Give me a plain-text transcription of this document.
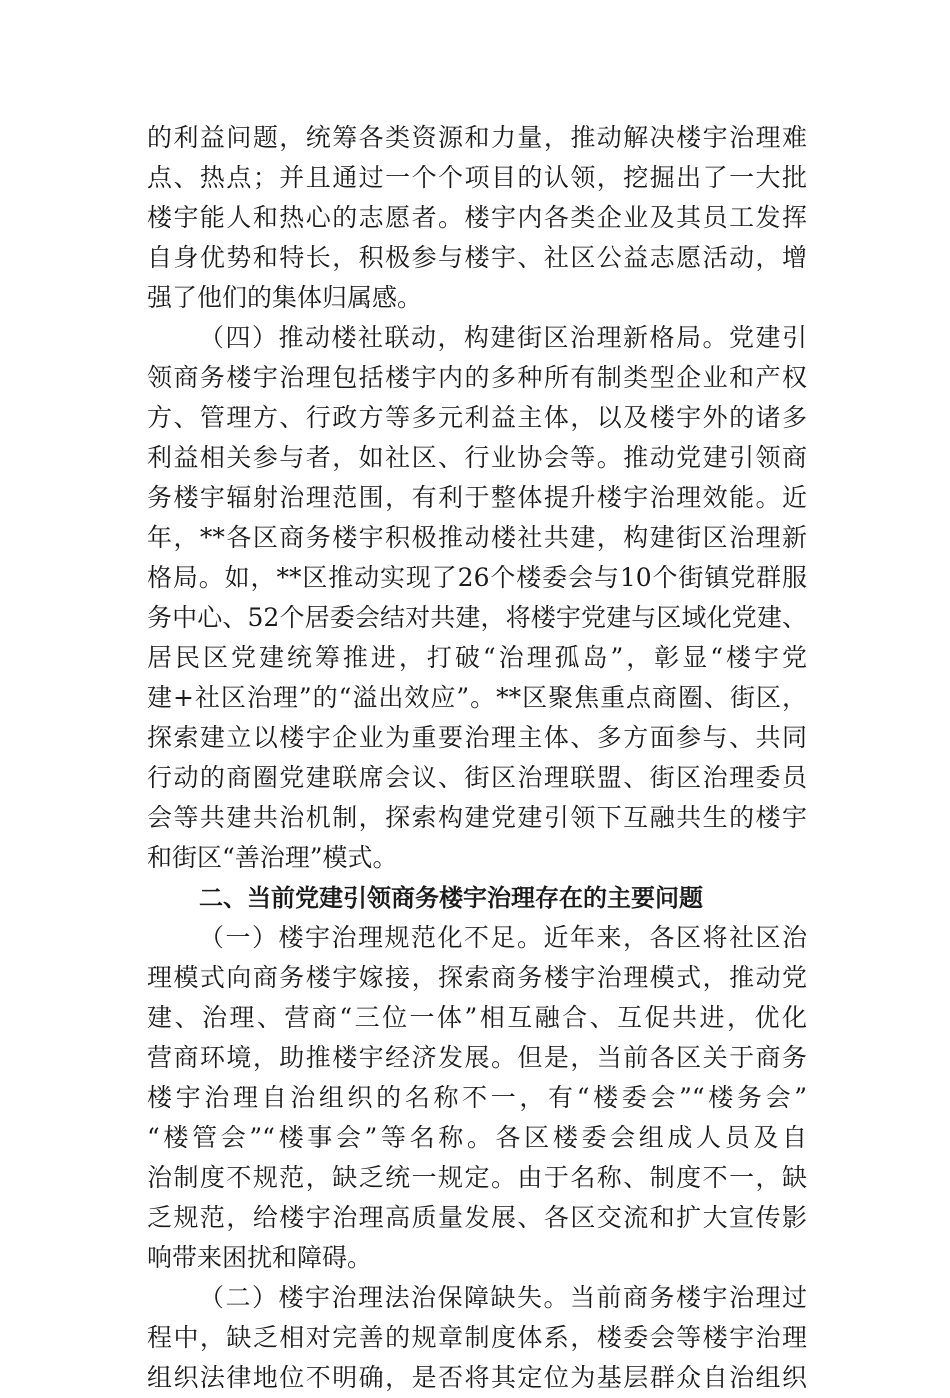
的利益问题，统筹各类资源和力量，推动解决楼宇治理难
点、热点；并且通过一个个项目的认领，挖掘出了一大批
楼宇能人和热心的志愿者。楼宇内各类企业及其员工发挥
自身优势和特长，积极参与楼宇、社区公益志愿活动，增
强了他们的集体归属感。
（四）推动楼社联动，构建街区治理新格局。党建引
领商务楼宇治理包括楼宇内的多种所有制类型企业和产权
方、管理方、行政方等多元利益主体，以及楼宇外的诸多
利益相关参与者，如社区、行业协会等。推动党建引领商
务楼宇辐射治理范围，有利于整体提升楼宇治理效能。近
年，**各区商务楼宇积极推动楼社共建，构建街区治理新
格局。如，**区推动实现了26个楼委会与10个街镇党群服
务中心、52个居委会结对共建，将楼宇党建与区域化党建、
居民区党建统筹推进，打破“治理孤岛”，彰显“楼宇党
建+社区治理”的“溢出效应”。**区聚焦重点商圈、街区，
探索建立以楼宇企业为重要治理主体、多方面参与、共同
行动的商圈党建联席会议、街区治理联盟、街区治理委员
会等共建共治机制，探索构建党建引领下互融共生的楼宇
和街区“善治理”模式。
二、当前党建引领商务楼宇治理存在的主要问题
（一）楼宇治理规范化不足。近年来，各区将社区治
理模式向商务楼宇嫁接，探索商务楼宇治理模式，推动党
建、治理、营商“三位一体”相互融合、互促共进，优化
营商环境，助推楼宇经济发展。但是，当前各区关于商务
楼宇治理自治组织的名称不一，有“楼委会”“楼务会”
“楼管会”“楼事会”等名称。各区楼委会组成人员及自
治制度不规范，缺乏统一规定。由于名称、制度不一，缺
乏规范，给楼宇治理高质量发展、各区交流和扩大宣传影
响带来困扰和障碍。
（二）楼宇治理法治保障缺失。当前商务楼宇治理过
程中，缺乏相对完善的规章制度体系，楼委会等楼宇治理
组织法律地位不明确，是否将其定位为基层群众自治组织
